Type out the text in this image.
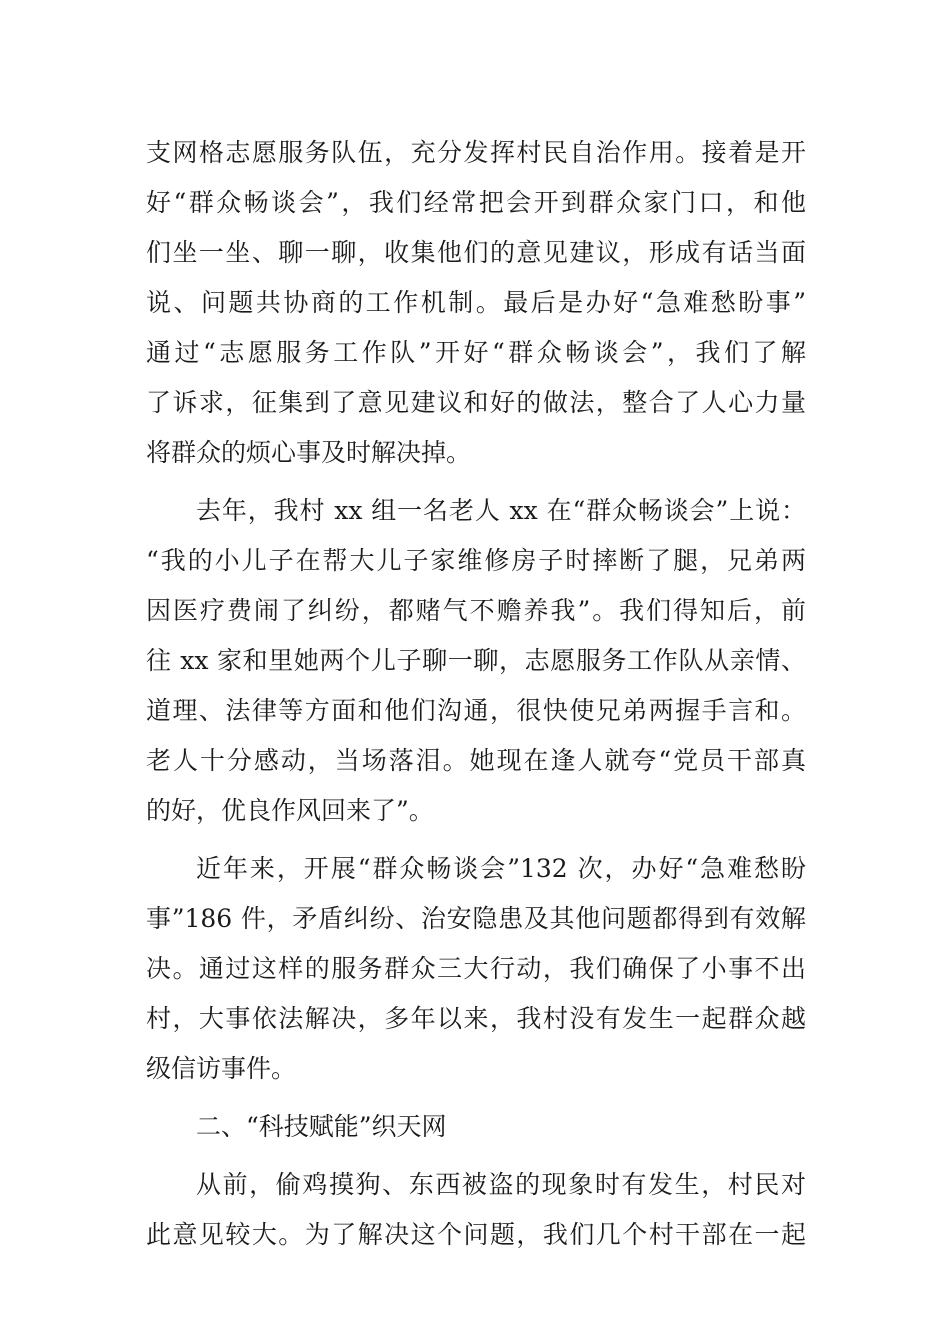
支网格志愿服务队伍，充分发挥村民自治作用。接着是开
好“群众畅谈会”，我们经常把会开到群众家门口，和他
们坐一坐、聊一聊，收集他们的意见建议，形成有话当面
说、问题共协商的工作机制。最后是办好“急难愁盼事”
通过“志愿服务工作队”开好“群众畅谈会”，我们了解
了诉求，征集到了意见建议和好的做法，整合了人心力量
将群众的烦心事及时解决掉。
去年，我村 xx 组一名老人 xx 在“群众畅谈会”上说：
“我的小儿子在帮大儿子家维修房子时摔断了腿，兄弟两
因医疗费闹了纠纷，都赌气不赡养我”。我们得知后，前
往 xx 家和里她两个儿子聊一聊，志愿服务工作队从亲情、
道理、法律等方面和他们沟通，很快使兄弟两握手言和。
老人十分感动，当场落泪。她现在逢人就夸“党员干部真
的好，优良作风回来了”。
近年来，开展“群众畅谈会”132 次，办好“急难愁盼
事”186 件，矛盾纠纷、治安隐患及其他问题都得到有效解
决。通过这样的服务群众三大行动，我们确保了小事不出
村，大事依法解决，多年以来，我村没有发生一起群众越
级信访事件。
二、“科技赋能”织天网
从前，偷鸡摸狗、东西被盗的现象时有发生，村民对
此意见较大。为了解决这个问题，我们几个村干部在一起
